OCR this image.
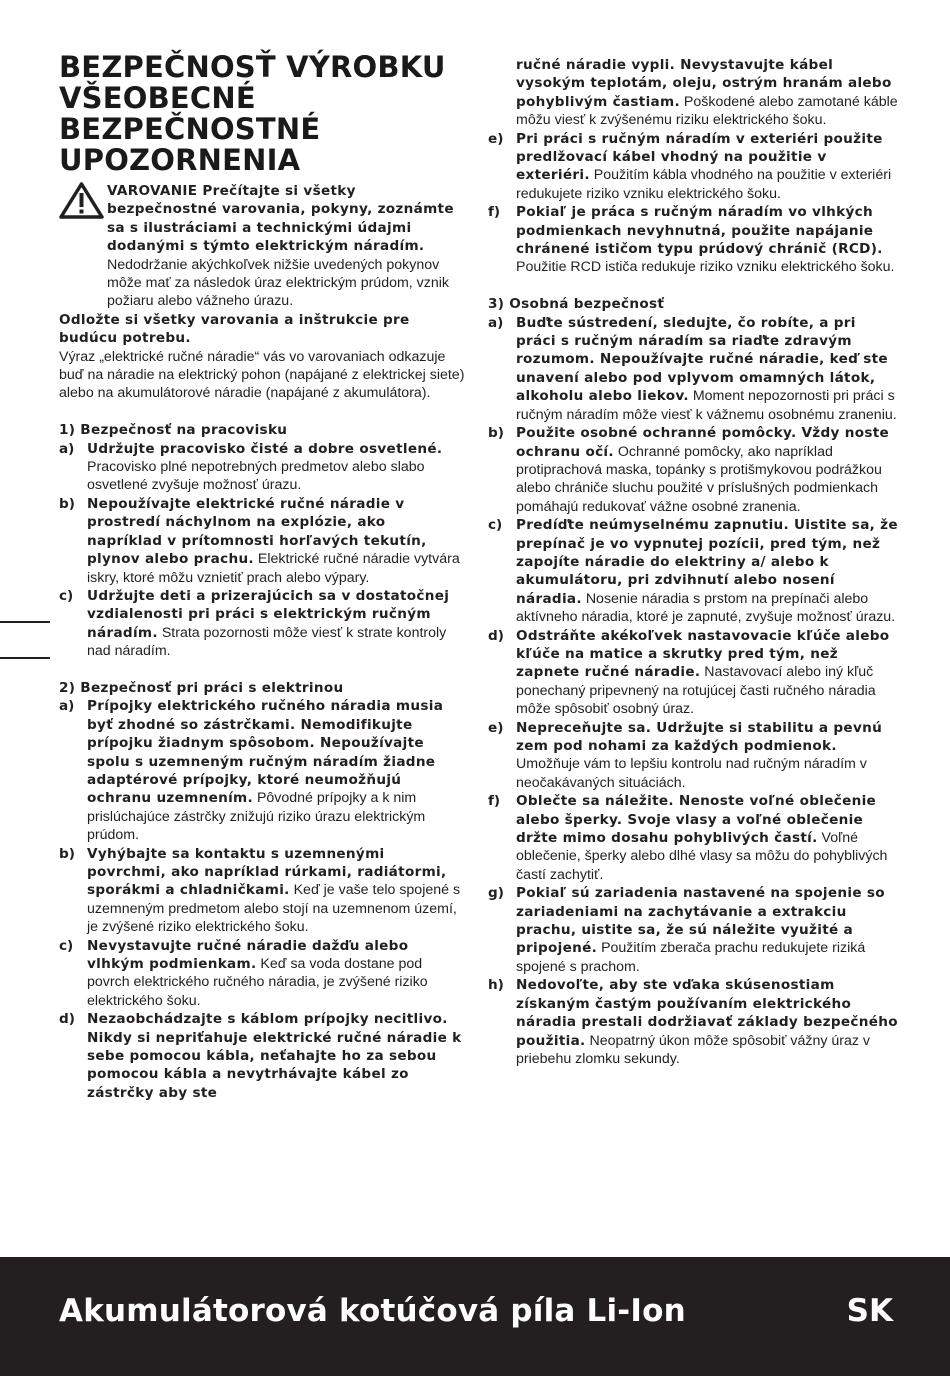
BEZPEČNOSŤ VÝROBKU
VŠEOBECNÉ
BEZPEČNOSTNÉ
UPOZORNENIA
VAROVANIE Prečítajte si všetky bezpečnostné varovania, pokyny, zoznámte sa s ilustráciami a technickými údajmi dodanými s týmto elektrickým náradím. Nedodržanie akýchkoľvek nižšie uvedených pokynov môže mať za následok úraz elektrickým prúdom, vznik požiaru alebo vážneho úrazu.

Odložte si všetky varovania a inštrukcie pre budúcu potrebu.

Výraz „elektrické ručné náradie“ vás vo varovaniach odkazuje buď na náradie na elektrický pohon (napájané z elektrickej siete) alebo na akumulátorové náradie (napájané z akumulátora).

1) Bezpečnosť na pracovisku

a) Udržujte pracovisko čisté a dobre osvetlené. Pracovisko plné nepotrebných predmetov alebo slabo osvetlené zvyšuje možnosť úrazu.
b) Nepoužívajte elektrické ručné náradie v prostredí náchylnom na explózie, ako napríklad v prítomnosti horľavých tekutín, plynov alebo prachu. Elektrické ručné náradie vytvára iskry, ktoré môžu vznietiť prach alebo výpary.
c) Udržujte deti a prizerajúcich sa v dostatočnej vzdialenosti pri práci s elektrickým ručným náradím. Strata pozornosti môže viesť k strate kontroly nad náradím.

2) Bezpečnosť pri práci s elektrinou

a) Prípojky elektrického ručného náradia musia byť zhodné so zástrčkami. Nemodifikujte prípojku žiadnym spôsobom. Nepoužívajte spolu s uzemneným ručným náradím žiadne adaptérové prípojky, ktoré neumožňujú ochranu uzemnením. Pôvodné prípojky a k nim prislúchajúce zástrčky znižujú riziko úrazu elektrickým prúdom.
b) Vyhýbajte sa kontaktu s uzemnenými povrchmi, ako napríklad rúrkami, radiátormi, sporákmi a chladničkami. Keď je vaše telo spojené s uzemneným predmetom alebo stojí na uzemnenom území, je zvýšené riziko elektrického šoku.
c) Nevystavujte ručné náradie dažďu alebo vlhkým podmienkam. Keď sa voda dostane pod povrch elektrického ručného náradia, je zvýšené riziko elektrického šoku.
d) Nezaobchádzajte s káblom prípojky necitlivo. Nikdy si nepriťahuje elektrické ručné náradie k sebe pomocou kábla, neťahajte ho za sebou pomocou kábla a nevytrhávajte kábel zo zástrčky aby ste
ručné náradie vypli. Nevystavujte kábel vysokým teplotám, oleju, ostrým hranám alebo pohyblivým častiam. Poškodené alebo zamotané káble môžu viesť k zvýšenému riziku elektrického šoku.
e) Pri práci s ručným náradím v exteriéri použite predlžovací kábel vhodný na použitie v exteriéri. Použitím kábla vhodného na použitie v exteriéri redukujete riziko vzniku elektrického šoku.
f) Pokiaľ je práca s ručným náradím vo vlhkých podmienkach nevyhnutná, použite napájanie chránené ističom typu prúdový chránič (RCD). Použitie RCD ističa redukuje riziko vzniku elektrického šoku.

3) Osobná bezpečnosť

a) Buďte sústredení, sledujte, čo robíte, a pri práci s ručným náradím sa riaďte zdravým rozumom. Nepoužívajte ručné náradie, keď ste unavení alebo pod vplyvom omamných látok, alkoholu alebo liekov. Moment nepozornosti pri práci s ručným náradím môže viesť k vážnemu osobnému zraneniu.
b) Použite osobné ochranné pomôcky. Vždy noste ochranu očí. Ochranné pomôcky, ako napríklad protiprachová maska, topánky s protišmykovou podrážkou alebo chrániče sluchu použité v príslušných podmienkach pomáhajú redukovať vážne osobné zranenia.
c) Predíďte neúmyselnému zapnutiu. Uistite sa, že prepínač je vo vypnutej pozícii, pred tým, než zapojíte náradie do elektriny a/ alebo k akumulátoru, pri zdvihnutí alebo nosení náradia. Nosenie náradia s prstom na prepínači alebo aktívneho náradia, ktoré je zapnuté, zvyšuje možnosť úrazu.
d) Odstráňte akékoľvek nastavovacie kľúče alebo kľúče na matice a skrutky pred tým, než zapnete ručné náradie. Nastavovací alebo iný kľuč ponechaný pripevnený na rotujúcej časti ručného náradia môže spôsobiť osobný úraz.
e) Nepreceňujte sa. Udržujte si stabilitu a pevnú zem pod nohami za každých podmienok. Umožňuje vám to lepšiu kontrolu nad ručným náradím v neočakávaných situáciách.
f) Oblečte sa náležite. Nenoste voľné oblečenie alebo šperky. Svoje vlasy a voľné oblečenie držte mimo dosahu pohyblivých častí. Voľné oblečenie, šperky alebo dlhé vlasy sa môžu do pohyblivých častí zachytiť.
g) Pokiaľ sú zariadenia nastavené na spojenie so zariadeniami na zachytávanie a extrakciu prachu, uistite sa, že sú náležite využité a pripojené. Použitím zberača prachu redukujete riziká spojené s prachom.
h) Nedovoľte, aby ste vďaka skúsenostiam získaným častým používaním elektrického náradia prestali dodržiavať základy bezpečného použitia. Neopatrný úkon môže spôsobiť vážny úraz v priebehu zlomku sekundy.
Akumulátorová kotúčová píla Li-Ion	SK
